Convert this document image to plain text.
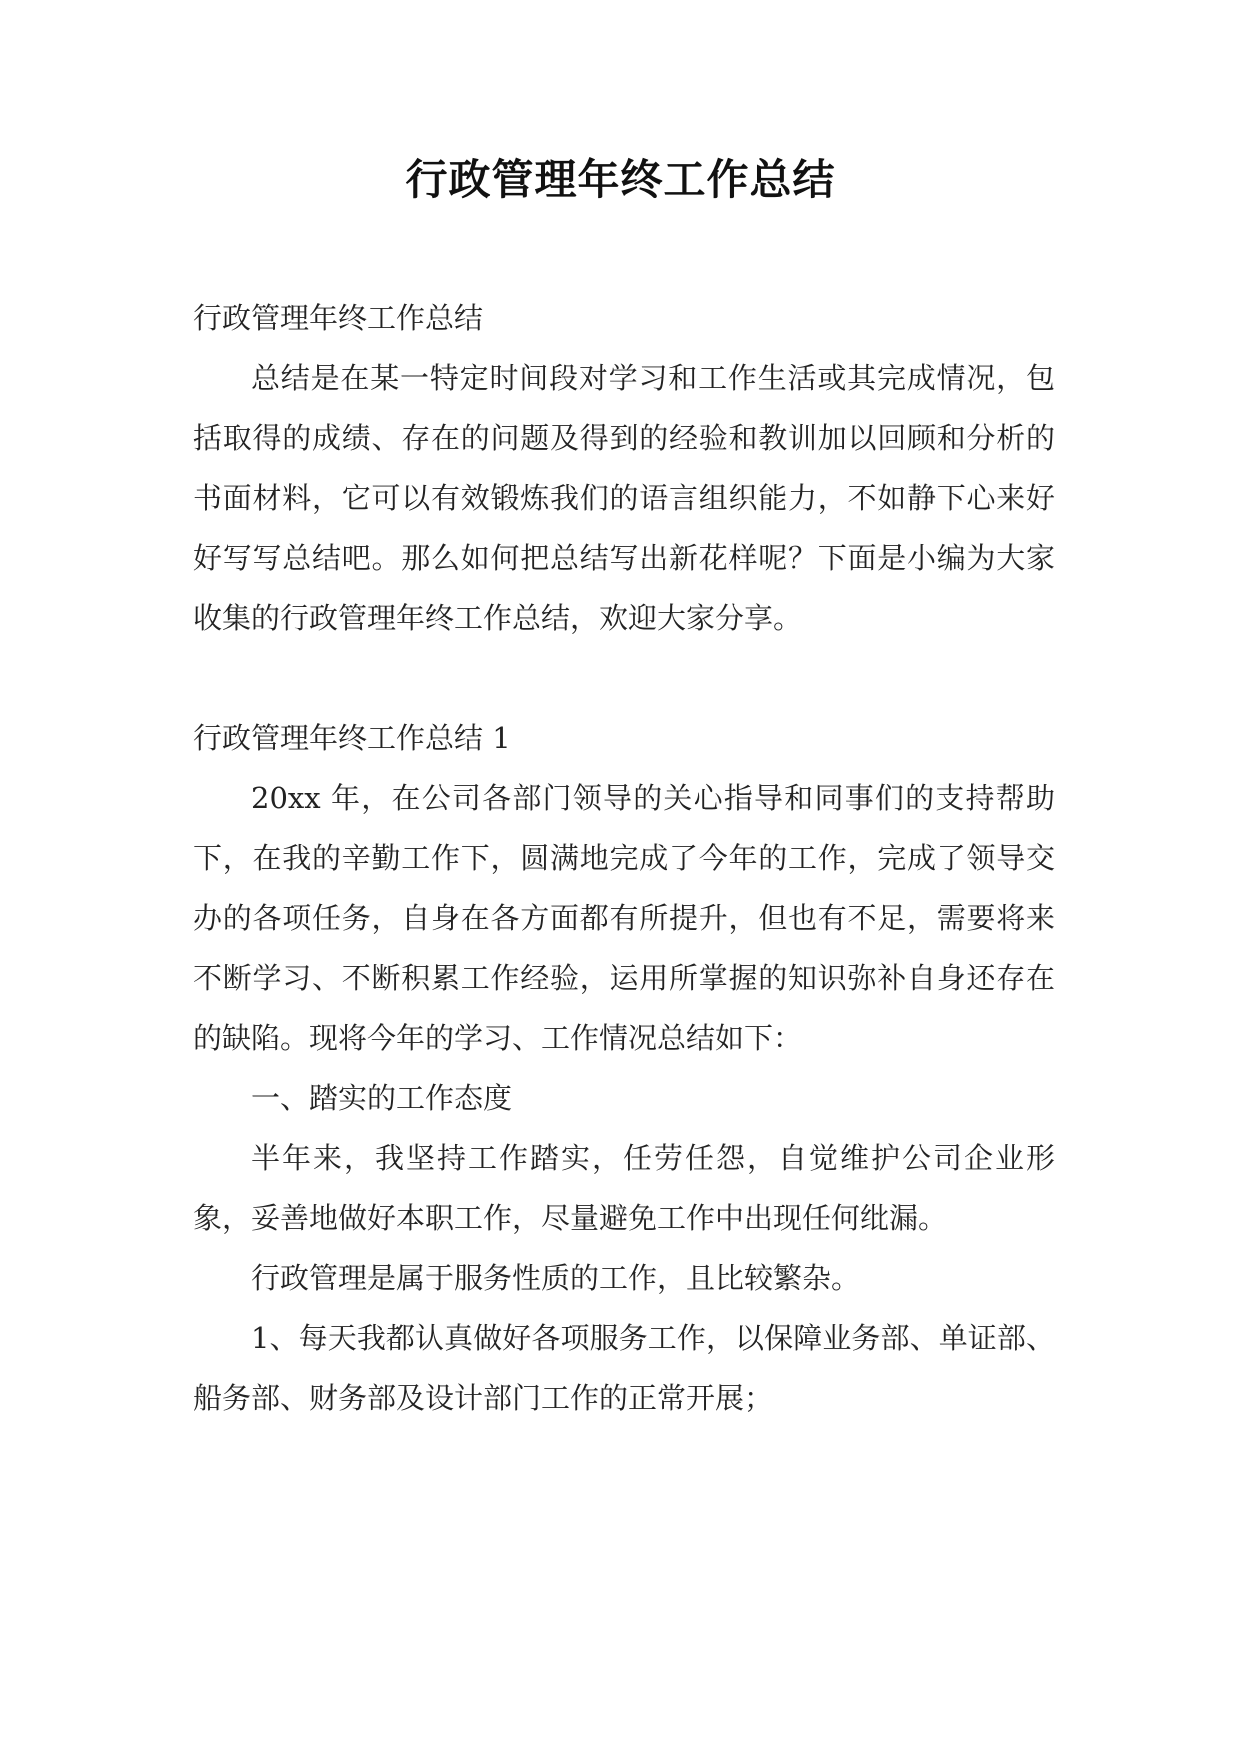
行政管理年终工作总结

行政管理年终工作总结

总结是在某一特定时间段对学习和工作生活或其完成情况，包括取得的成绩、存在的问题及得到的经验和教训加以回顾和分析的书面材料，它可以有效锻炼我们的语言组织能力，不如静下心来好好写写总结吧。那么如何把总结写出新花样呢？下面是小编为大家收集的行政管理年终工作总结，欢迎大家分享。

行政管理年终工作总结 1

20xx 年，在公司各部门领导的关心指导和同事们的支持帮助下，在我的辛勤工作下，圆满地完成了今年的工作，完成了领导交办的各项任务，自身在各方面都有所提升，但也有不足，需要将来不断学习、不断积累工作经验，运用所掌握的知识弥补自身还存在的缺陷。现将今年的学习、工作情况总结如下：

一、踏实的工作态度

半年来，我坚持工作踏实，任劳任怨，自觉维护公司企业形象，妥善地做好本职工作，尽量避免工作中出现任何纰漏。

行政管理是属于服务性质的工作，且比较繁杂。

1、每天我都认真做好各项服务工作，以保障业务部、单证部、船务部、财务部及设计部门工作的正常开展；
